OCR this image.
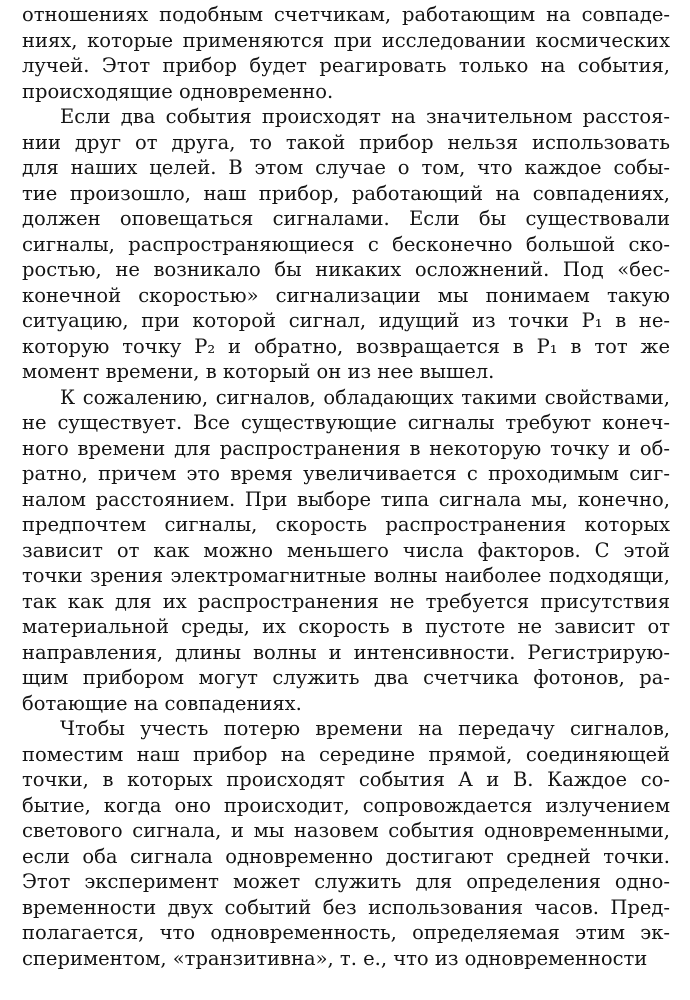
отношениях подобным счетчикам, работающим на совпаде-
ниях, которые применяются при исследовании космических
лучей. Этот прибор будет реагировать только на события,
происходящие одновременно.
Если два события происходят на значительном расстоя-
нии друг от друга, то такой прибор нельзя использовать
для наших целей. В этом случае о том, что каждое собы-
тие произошло, наш прибор, работающий на совпадениях,
должен оповещаться сигналами. Если бы существовали
сигналы, распространяющиеся с бесконечно большой ско-
ростью, не возникало бы никаких осложнений. Под «бес-
конечной скоростью» сигнализации мы понимаем такую
ситуацию, при которой сигнал, идущий из точки P₁ в не-
которую точку P₂ и обратно, возвращается в P₁ в тот же
момент времени, в который он из нее вышел.
К сожалению, сигналов, обладающих такими свойствами,
не существует. Все существующие сигналы требуют конеч-
ного времени для распространения в некоторую точку и об-
ратно, причем это время увеличивается с проходимым сиг-
налом расстоянием. При выборе типа сигнала мы, конечно,
предпочтем сигналы, скорость распространения которых
зависит от как можно меньшего числа факторов. С этой
точки зрения электромагнитные волны наиболее подходящи,
так как для их распространения не требуется присутствия
материальной среды, их скорость в пустоте не зависит от
направления, длины волны и интенсивности. Регистрирую-
щим прибором могут служить два счетчика фотонов, ра-
ботающие на совпадениях.
Чтобы учесть потерю времени на передачу сигналов,
поместим наш прибор на середине прямой, соединяющей
точки, в которых происходят события A и B. Каждое со-
бытие, когда оно происходит, сопровождается излучением
светового сигнала, и мы назовем события одновременными,
если оба сигнала одновременно достигают средней точки.
Этот эксперимент может служить для определения одно-
временности двух событий без использования часов. Пред-
полагается, что одновременность, определяемая этим эк-
спериментом, «транзитивна», т. е., что из одновременности
